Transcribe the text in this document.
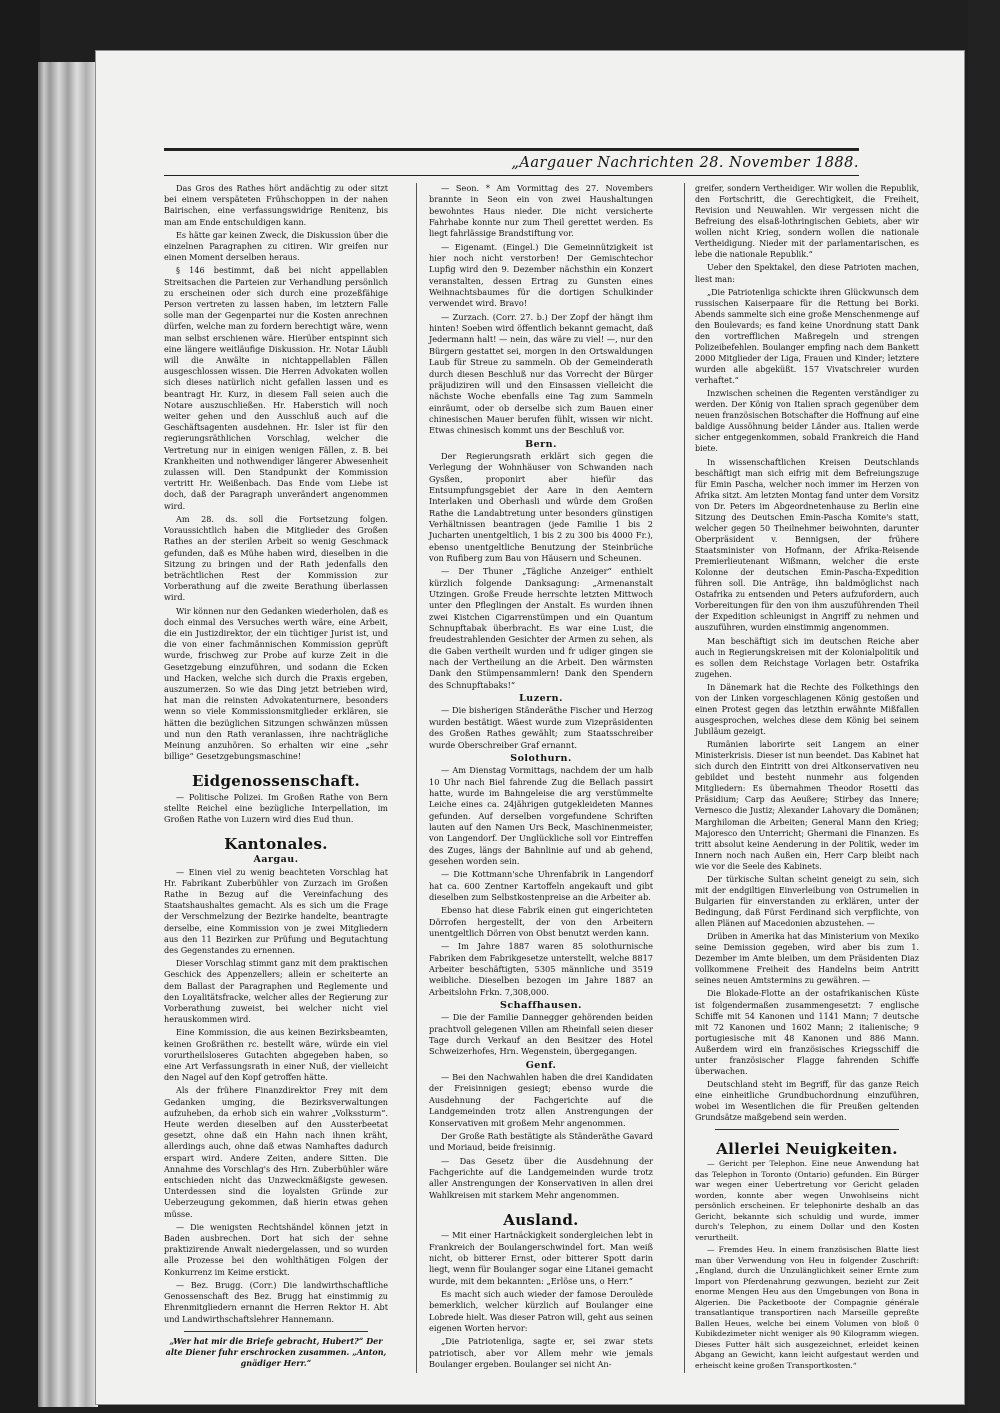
„Aargauer Nachrichten 28. November 1888.

Das Gros des Rathes hört andächtig zu oder sitzt bei einem verspäteten Frühschoppen in der nahen Bairischen, eine verfassungswidrige Renitenz, bis man am Ende entschuldigen kann.

Es hätte gar keinen Zweck, die Diskussion über die einzelnen Paragraphen zu citiren. Wir greifen nur einen Moment derselben heraus.

§ 146 bestimmt, daß bei nicht appellablen Streitsachen die Parteien zur Verhandlung persönlich zu erscheinen oder sich durch eine prozeßfähige Person vertreten zu lassen haben, im letztern Falle solle man der Gegenpartei nur die Kosten anrechnen dürfen, welche man zu fordern berechtigt wäre, wenn man selbst erschienen wäre. Hierüber entspinnt sich eine längere weitläufige Diskussion. Hr. Notar Läubli will die Anwälte in nichtappellablen Fällen ausgeschlossen wissen. Die Herren Advokaten wollen sich dieses natürlich nicht gefallen lassen und es beantragt Hr. Kurz, in diesem Fall seien auch die Notare auszuschließen. Hr. Haberstich will noch weiter gehen und den Ausschluß auch auf die Geschäftsagenten ausdehnen. Hr. Isler ist für den regierungsräthlichen Vorschlag, welcher die Vertretung nur in einigen wenigen Fällen, z. B. bei Krankheiten und nothwendiger längerer Abwesenheit zulassen will. Den Standpunkt der Kommission vertritt Hr. Weißenbach. Das Ende vom Liebe ist doch, daß der Paragraph unverändert angenommen wird.

Am 28. ds. soll die Fortsetzung folgen. Voraussichtlich haben die Mitglieder des Großen Rathes an der sterilen Arbeit so wenig Geschmack gefunden, daß es Mühe haben wird, dieselben in die Sitzung zu bringen und der Rath jedenfalls den beträchtlichen Rest der Kommission zur Vorberathung auf die zweite Berathung überlassen wird.

Wir können nur den Gedanken wiederholen, daß es doch einmal des Versuches werth wäre, eine Arbeit, die ein Justizdirektor, der ein tüchtiger Jurist ist, und die von einer fachmännischen Kommission geprüft wurde, frischweg zur Probe auf kurze Zeit in die Gesetzgebung einzuführen, und sodann die Ecken und Hacken, welche sich durch die Praxis ergeben, auszumerzen. So wie das Ding jetzt betrieben wird, hat man die reinsten Advokatenturnere, besonders wenn so viele Kommissionsmitglieder erklären, sie hätten die bezüglichen Sitzungen schwänzen müssen und nun den Rath veranlassen, ihre nachträgliche Meinung anzuhören. So erhalten wir eine „sehr billige“ Gesetzgebungsmaschine!

Eidgenossenschaft.

— Politische Polizei. Im Großen Rathe von Bern stellte Reichel eine bezügliche Interpellation, im Großen Rathe von Luzern wird dies Eud thun.

Kantonales.
Aargau.

— Einen viel zu wenig beachteten Vorschlag hat Hr. Fabrikant Zuberbühler von Zurzach im Großen Rathe in Bezug auf die Vereinfachung des Staatshaushaltes gemacht. Als es sich um die Frage der Verschmelzung der Bezirke handelte, beantragte derselbe, eine Kommission von je zwei Mitgliedern aus den 11 Bezirken zur Prüfung und Begutachtung des Gegenstandes zu ernennen.

Dieser Vorschlag stimmt ganz mit dem praktischen Geschick des Appenzellers; allein er scheiterte an dem Ballast der Paragraphen und Reglemente und den Loyalitätsfracke, welcher alles der Regierung zur Vorberathung zuweist, bei welcher nicht viel herauskommen wird.

Eine Kommission, die aus keinen Bezirksbeamten, keinen Großräthen rc. bestellt wäre, würde ein viel vorurtheilsloseres Gutachten abgegeben haben, so eine Art Verfassungsrath in einer Nuß, der vielleicht den Nagel auf den Kopf getroffen hätte.

Als der frühere Finanzdirektor Frey mit dem Gedanken umging, die Bezirksverwaltungen aufzuheben, da erhob sich ein wahrer „Volkssturm“. Heute werden dieselben auf den Aussterbeetat gesetzt, ohne daß ein Hahn nach ihnen kräht, allerdings auch, ohne daß etwas Namhaftes dadurch erspart wird. Andere Zeiten, andere Sitten. Die Annahme des Vorschlag's des Hrn. Zuberbühler wäre entschieden nicht das Unzweckmäßigste gewesen. Unterdessen sind die loyalsten Gründe zur Ueberzeugung gekommen, daß hierin etwas gehen müsse.

— Die wenigsten Rechtshändel können jetzt in Baden ausbrechen. Dort hat sich der sehne praktizirende Anwalt niedergelassen, und so wurden alle Prozesse bei den wohlthätigen Folgen der Konkurrenz im Keime erstickt.

— Bez. Brugg. (Corr.) Die landwirthschaftliche Genossenschaft des Bez. Brugg hat einstimmig zu Ehrenmitgliedern ernannt die Herren Rektor H. Abt und Landwirthschaftslehrer Hannemann.

„Wer hat mir die Briefe gebracht, Hubert?“ Der alte Diener fuhr erschrocken zusammen. „Anton, gnädiger Herr.“

— Seon. * Am Vormittag des 27. Novembers brannte in Seon ein von zwei Haushaltungen bewohntes Haus nieder. Die nicht versicherte Fahrhabe konnte nur zum Theil gerettet werden. Es liegt fahrlässige Brandstiftung vor.

— Eigenamt. (Eingel.) Die Gemeinnützigkeit ist hier noch nicht verstorben! Der Gemischtechor Lupfig wird den 9. Dezember nächsthin ein Konzert veranstalten, dessen Ertrag zu Gunsten eines Weihnachtsbaumes für die dortigen Schulkinder verwendet wird. Bravo!

— Zurzach. (Corr. 27. b.) Der Zopf der hängt ihm hinten! Soeben wird öffentlich bekannt gemacht, daß Jedermann halt! — nein, das wäre zu viel! —, nur den Bürgern gestattet sei, morgen in den Ortswaldungen Laub für Streue zu sammeln. Ob der Gemeinderath durch diesen Beschluß nur das Vorrecht der Bürger präjudiziren will und den Einsassen vielleicht die nächste Woche ebenfalls eine Tag zum Sammeln einräumt, oder ob derselbe sich zum Bauen einer chinesischen Mauer berufen fühlt, wissen wir nicht. Etwas chinesisch kommt uns der Beschluß vor.

Bern.

Der Regierungsrath erklärt sich gegen die Verlegung der Wohnhäuser von Schwanden nach Gysßen, proponirt aber hiefür das Entsumpfungsgebiet der Aare in den Aemtern Interlaken und Oberhasli und würde dem Großen Rathe die Landabtretung unter besonders günstigen Verhältnissen beantragen (jede Familie 1 bis 2 Jucharten unentgeltlich, 1 bis 2 zu 300 bis 4000 Fr.), ebenso unentgeltliche Benutzung der Steinbrüche von Rufiberg zum Bau von Häusern und Scheunen.

— Der Thuner „Tägliche Anzeiger“ enthielt kürzlich folgende Danksagung: „Armenanstalt Utzingen. Große Freude herrschte letzten Mittwoch unter den Pfleglingen der Anstalt. Es wurden ihnen zwei Kistchen Cigarrenstümpen und ein Quantum Schnupftabak überbracht. Es war eine Lust, die freudestrahlenden Gesichter der Armen zu sehen, als die Gaben vertheilt wurden und fr udiger gingen sie nach der Vertheilung an die Arbeit. Den wärmsten Dank den Stümpensammlern! Dank den Spendern des Schnupftabaks!“

Luzern.

— Die bisherigen Ständeräthe Fischer und Herzog wurden bestätigt. Wäest wurde zum Vizepräsidenten des Großen Rathes gewählt; zum Staatsschreiber wurde Oberschreiber Graf ernannt.

Solothurn.

— Am Dienstag Vormittags, nachdem der um halb 10 Uhr nach Biel fahrende Zug die Bellach passirt hatte, wurde im Bahngeleise die arg verstümmelte Leiche eines ca. 24jährigen gutgekleideten Mannes gefunden. Auf derselben vorgefundene Schriften lauten auf den Namen Urs Beck, Maschinenmeister, von Langendorf. Der Unglückliche soll vor Eintreffen des Zuges, längs der Bahnlinie auf und ab gehend, gesehen worden sein.

— Die Kottmann'sche Uhrenfabrik in Langendorf hat ca. 600 Zentner Kartoffeln angekauft und gibt dieselben zum Selbstkostenpreise an die Arbeiter ab.

Ebenso hat diese Fabrik einen gut eingerichteten Dörrofen hergestellt, der von den Arbeitern unentgeltlich Dörren von Obst benutzt werden kann.

— Im Jahre 1887 waren 85 solothurnische Fabriken dem Fabrikgesetze unterstellt, welche 8817 Arbeiter beschäftigten, 5305 männliche und 3519 weibliche. Dieselben bezogen im Jahre 1887 an Arbeitslohn Frkn. 7,308,000.

Schaffhausen.

— Die der Familie Dannegger gehörenden beiden prachtvoll gelegenen Villen am Rheinfall seien dieser Tage durch Verkauf an den Besitzer des Hotel Schweizerhofes, Hrn. Wegenstein, übergegangen.

Genf.

— Bei den Nachwahlen haben die drei Kandidaten der Freisinnigen gesiegt; ebenso wurde die Ausdehnung der Fachgerichte auf die Landgemeinden trotz allen Anstrengungen der Konservativen mit großem Mehr angenommen.

Der Große Rath bestätigte als Ständeräthe Gavard und Moriaud, beide freisinnig.

— Das Gesetz über die Ausdehnung der Fachgerichte auf die Landgemeinden wurde trotz aller Anstrengungen der Konservativen in allen drei Wahlkreisen mit starkem Mehr angenommen.

Ausland.

— Mit einer Hartnäckigkeit sondergleichen lebt in Frankreich der Boulangerschwindel fort. Man weiß nicht, ob bitterer Ernst, oder bitterer Spott darin liegt, wenn für Boulanger sogar eine Litanei gemacht wurde, mit dem bekannten: „Erlöse uns, o Herr.“

Es macht sich auch wieder der famose Deroulède bemerklich, welcher kürzlich auf Boulanger eine Lobrede hielt. Was dieser Patron will, geht aus seinen eigenen Worten hervor:

„Die Patriotenliga, sagte er, sei zwar stets patriotisch, aber vor Allem mehr wie jemals Boulanger ergeben. Boulanger sei nicht An-

greifer, sondern Vertheidiger. Wir wollen die Republik, den Fortschritt, die Gerechtigkeit, die Freiheit, Revision und Neuwahlen. Wir vergessen nicht die Befreiung des elsaß-lothringischen Gebiets, aber wir wollen nicht Krieg, sondern wollen die nationale Vertheidigung. Nieder mit der parlamentarischen, es lebe die nationale Republik.“

Ueber den Spektakel, den diese Patrioten machen, liest man:

„Die Patriotenliga schickte ihren Glückwunsch dem russischen Kaiserpaare für die Rettung bei Borki. Abends sammelte sich eine große Menschenmenge auf den Boulevards; es fand keine Unordnung statt Dank den vortrefflichen Maßregeln und strengen Polizeibefehlen. Boulanger empfing nach dem Bankett 2000 Mitglieder der Liga, Frauen und Kinder; letztere wurden alle abgeküßt. 157 Vivatschreier wurden verhaftet.“

Inzwischen scheinen die Regenten verständiger zu werden. Der König von Italien sprach gegenüber dem neuen französischen Botschafter die Hoffnung auf eine baldige Aussöhnung beider Länder aus. Italien werde sicher entgegenkommen, sobald Frankreich die Hand biete.

In wissenschaftlichen Kreisen Deutschlands beschäftigt man sich eifrig mit dem Befreiungszuge für Emin Pascha, welcher noch immer im Herzen von Afrika sitzt. Am letzten Montag fand unter dem Vorsitz von Dr. Peters im Abgeordnetenhause zu Berlin eine Sitzung des Deutschen Emin-Pascha Komite's statt, welcher gegen 50 Theilnehmer beiwohnten, darunter Oberpräsident v. Bennigsen, der frühere Staatsminister von Hofmann, der Afrika-Reisende Premierlieutenant Wißmann, welcher die erste Kolonne der deutschen Emin-Pascha-Expedition führen soll. Die Anträge, ihn baldmöglichst nach Ostafrika zu entsenden und Peters aufzufordern, auch Vorbereitungen für den von ihm auszuführenden Theil der Expedition schleunigst in Angriff zu nehmen und auszuführen, wurden einstimmig angenommen.

Man beschäftigt sich im deutschen Reiche aber auch in Regierungskreisen mit der Kolonialpolitik und es sollen dem Reichstage Vorlagen betr. Ostafrika zugehen.

In Dänemark hat die Rechte des Folkethings den von der Linken vorgeschlagenen König gestoßen und einen Protest gegen das letzthin erwähnte Mißfallen ausgesprochen, welches diese dem König bei seinem Jubiläum gezeigt.

Rumänien laborirte seit Langem an einer Ministerkrisis. Dieser ist nun beendet. Das Kabinet hat sich durch den Eintritt von drei Altkonservativen neu gebildet und besteht nunmehr aus folgenden Mitgliedern: Es übernahmen Theodor Rosetti das Präsidium; Carp das Aeußere; Stirbey das Innere; Vernesco die Justiz; Alexander Lahovary die Domänen; Marghiloman die Arbeiten; General Mann den Krieg; Majoresco den Unterricht; Ghermani die Finanzen. Es tritt absolut keine Aenderung in der Politik, weder im Innern noch nach Außen ein, Herr Carp bleibt nach wie vor die Seele des Kabinets.

Der türkische Sultan scheint geneigt zu sein, sich mit der endgiltigen Einverleibung von Ostrumelien in Bulgarien für einverstanden zu erklären, unter der Bedingung, daß Fürst Ferdinand sich verpflichte, von allen Plänen auf Macedonien abzustehen. —

Drüben in Amerika hat das Ministerium von Mexiko seine Demission gegeben, wird aber bis zum 1. Dezember im Amte bleiben, um dem Präsidenten Diaz vollkommene Freiheit des Handelns beim Antritt seines neuen Amtstermins zu gewähren. —

Die Blokade-Flotte an der ostafrikanischen Küste ist folgendermaßen zusammengesetzt: 7 englische Schiffe mit 54 Kanonen und 1141 Mann; 7 deutsche mit 72 Kanonen und 1602 Mann; 2 italienische; 9 portugiesische mit 48 Kanonen und 886 Mann. Außerdem wird ein französisches Kriegsschiff die unter französischer Flagge fahrenden Schiffe überwachen.

Deutschland steht im Begriff, für das ganze Reich eine einheitliche Grundbuchordnung einzuführen, wobei im Wesentlichen die für Preußen geltenden Grundsätze maßgebend sein werden.

Allerlei Neuigkeiten.

— Gericht per Telephon. Eine neue Anwendung hat das Telephon in Toronto (Ontario) gefunden. Ein Bürger war wegen einer Uebertretung vor Gericht geladen worden, konnte aber wegen Unwohlseins nicht persönlich erscheinen. Er telephonirte deshalb an das Gericht, bekannte sich schuldig und wurde, immer durch's Telephon, zu einem Dollar und den Kosten verurtheilt.

— Fremdes Heu. In einem französischen Blatte liest man über Verwendung von Heu in folgender Zuschrift: „England, durch die Unzulänglichkeit seiner Ernte zum Import von Pferdenahrung gezwungen, bezieht zur Zeit enorme Mengen Heu aus den Umgebungen von Bona in Algerien. Die Packetboote der Compagnie générale transatlantique transportiren nach Marseille gepreßte Ballen Heues, welche bei einem Volumen von bloß 0 Kubikdezimeter nicht weniger als 90 Kilogramm wiegen. Dieses Futter hält sich ausgezeichnet, erleidet keinen Abgang an Gewicht, kann leicht aufgestaut werden und erheischt keine großen Transportkosten.“
